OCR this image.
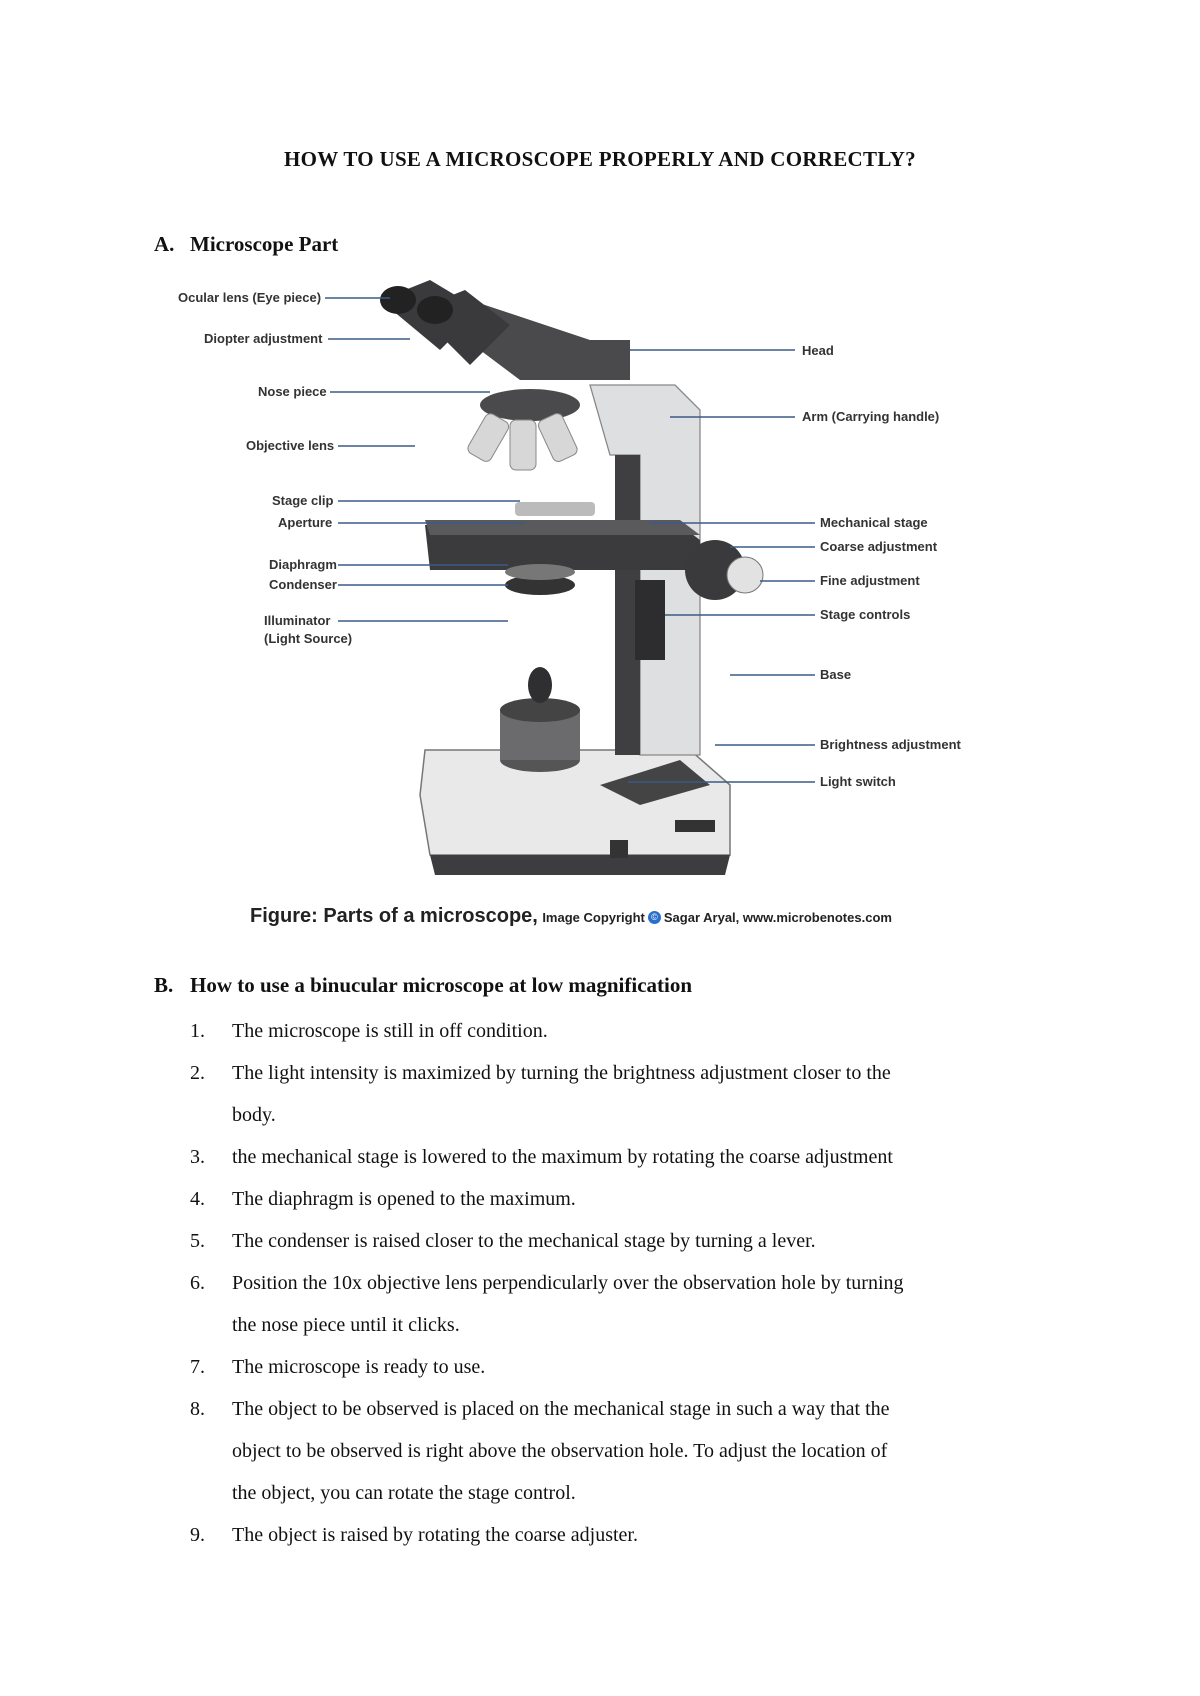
HOW TO USE A MICROSCOPE PROPERLY AND CORRECTLY?
A. Microscope Part
Ocular lens (Eye piece)
Diopter adjustment
Nose piece
Objective lens
Stage clip
Aperture
Diaphragm
Condenser
Illuminator
(Light Source)
Head
Arm (Carrying handle)
Mechanical stage
Coarse adjustment
Fine adjustment
Stage controls
Base
Brightness adjustment
Light switch
Figure: Parts of a microscope, Image Copyright © Sagar Aryal, www.microbenotes.com
B. How to use a binucular microscope at low magnification
1. The microscope is still in off condition.
2. The light intensity is maximized by turning the brightness adjustment closer to the
body.
3. the mechanical stage is lowered to the maximum by rotating the coarse adjustment
4. The diaphragm is opened to the maximum.
5. The condenser is raised closer to the mechanical stage by turning a lever.
6. Position the 10x objective lens perpendicularly over the observation hole by turning
the nose piece until it clicks.
7. The microscope is ready to use.
8. The object to be observed is placed on the mechanical stage in such a way that the
object to be observed is right above the observation hole. To adjust the location of
the object, you can rotate the stage control.
9. The object is raised by rotating the coarse adjuster.
